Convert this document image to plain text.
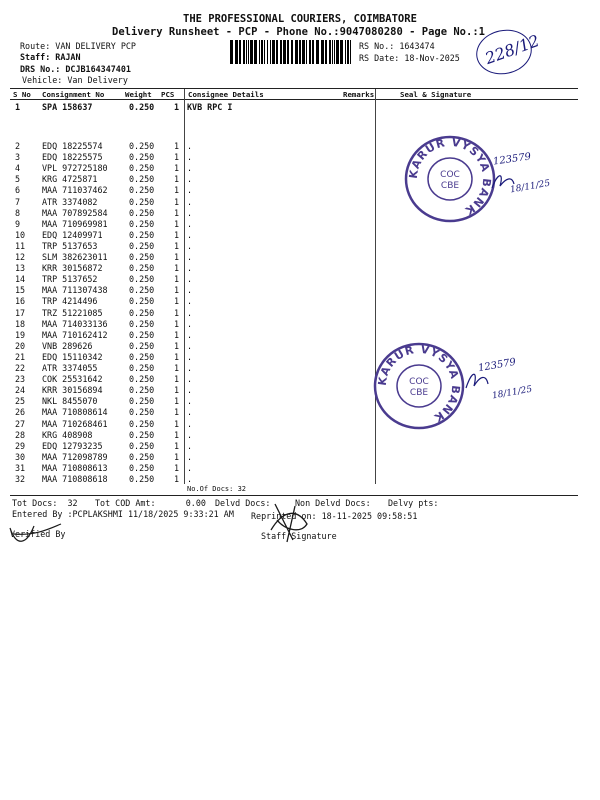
THE PROFESSIONAL COURIERS, COIMBATORE
Delivery Runsheet - PCP - Phone No.:9047080280 - Page No.:1
Route: VAN DELIVERY PCP
Staff: RAJAN
DRS No.: DCJB164347401
Vehicle: Van Delivery
RS No.: 1643474
RS Date: 18-Nov-2025 228/12
S No Consignment No	Weight PCS Consignee Details	Remarks	Seal & Signature
1	SPA 158637	0.250 1 KVB RPC I
2	EDQ 18225574	0.250 1 .
3	EDQ 18225575	0.250 1 .
4	VPL 972725180	0.250 1 .
5	KRG 4725871	0.250 1 .
6	MAA 711037462	0.250 1 .
7	ATR 3374082	0.250 1 .
8	MAA 707892584	0.250 1 .
9	MAA 710969981	0.250 1 .
10 EDQ 12409971	0.250 1 .
11 TRP 5137653	0.250 1 .
12 SLM 382623011	0.250 1 .
13 KRR 30156872	0.250 1 .
14 TRP 5137652	0.250 1 .
15 MAA 711307438	0.250 1 .
16 TRP 4214496	0.250 1 .
17 TRZ 51221085	0.250 1 .
18 MAA 714033136	0.250 1 .
19 MAA 710162412	0.250 1 .
20 VNB 289626	0.250 1 .
21 EDQ 15110342	0.250 1 .
22 ATR 3374055	0.250 1 .
23 COK 25531642	0.250 1 .
24 KRR 30156894	0.250 1 .
25 NKL 8455070	0.250 1 .
26 MAA 710808614	0.250 1 .
27 MAA 710268461	0.250 1 .
28 KRG 408908	0.250 1 .
29 EDQ 12793235	0.250 1 .
30 MAA 712098789	0.250 1 .
31 MAA 710808613	0.250 1 .
32 MAA 710808618	0.250 1 .
No.Of Docs: 32
Tot Docs:  32 Tot COD Amt:      0.00 Delvd Docs:	Non Delvd Docs: Delvy pts:
Entered By :PCPLAKSHMI 11/18/2025 9:33:21 AM Reprinted on: 18-11-2025 09:58:51
Verified By	Staff Signature
KARUR VYSYA BANK
COC
CBE
123579
18/11/25
KARUR VYSYA BANK
COC
CBE
123579
18/11/25
